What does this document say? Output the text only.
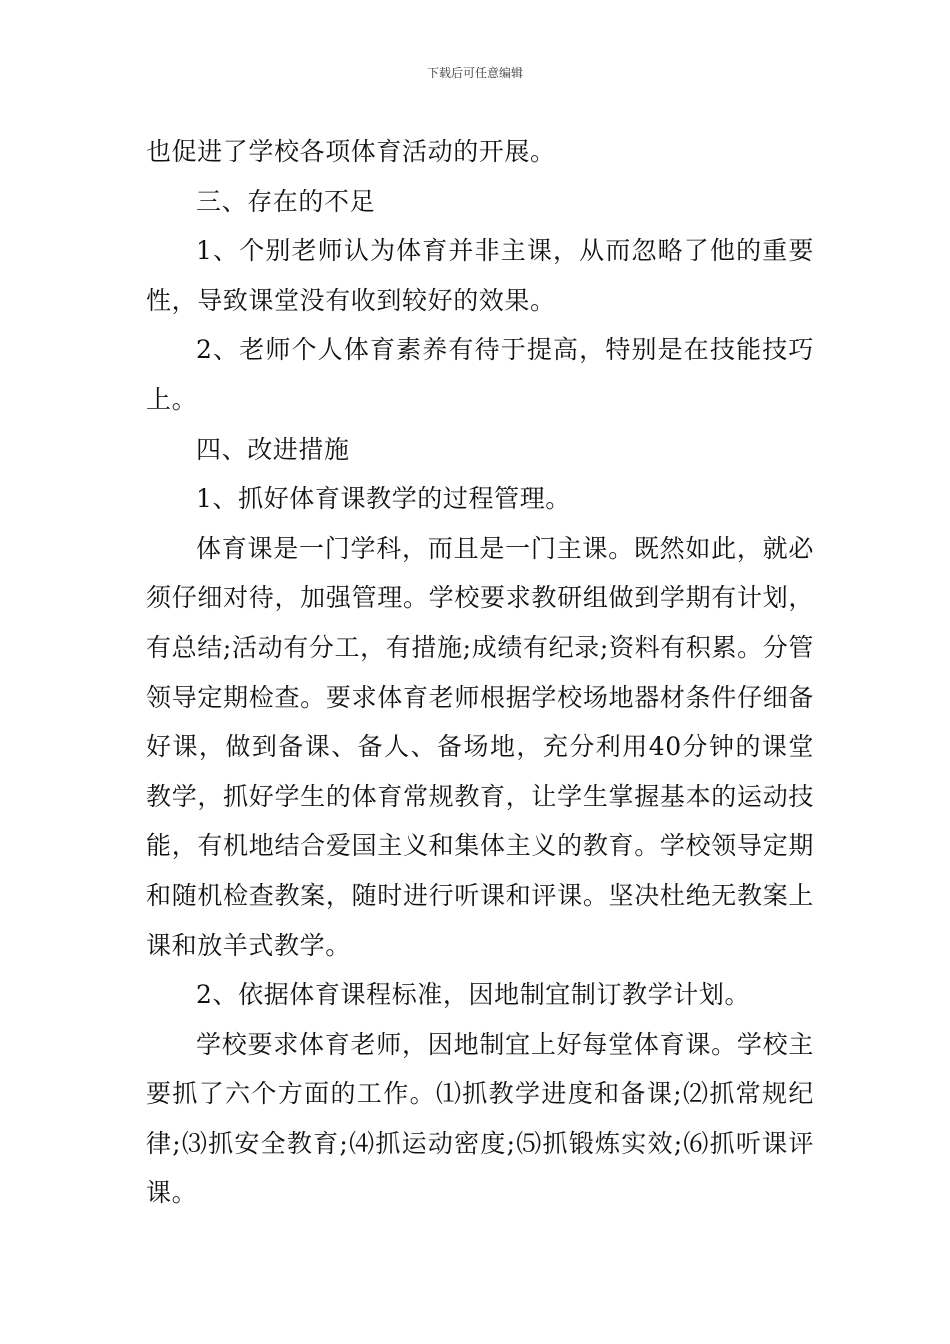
下载后可任意编辑

也促进了学校各项体育活动的开展。

三、存在的不足

1、个别老师认为体育并非主课，从而忽略了他的重要性，导致课堂没有收到较好的效果。

2、老师个人体育素养有待于提高，特别是在技能技巧上。

四、改进措施

1、抓好体育课教学的过程管理。

体育课是一门学科，而且是一门主课。既然如此，就必须仔细对待，加强管理。学校要求教研组做到学期有计划，有总结;活动有分工，有措施;成绩有纪录;资料有积累。分管领导定期检查。要求体育老师根据学校场地器材条件仔细备好课，做到备课、备人、备场地，充分利用40分钟的课堂教学，抓好学生的体育常规教育，让学生掌握基本的运动技能，有机地结合爱国主义和集体主义的教育。学校领导定期和随机检查教案，随时进行听课和评课。坚决杜绝无教案上课和放羊式教学。

2、依据体育课程标准，因地制宜制订教学计划。

学校要求体育老师，因地制宜上好每堂体育课。学校主要抓了六个方面的工作。⑴抓教学进度和备课;⑵抓常规纪律;⑶抓安全教育;⑷抓运动密度;⑸抓锻炼实效;⑹抓听课评课。
